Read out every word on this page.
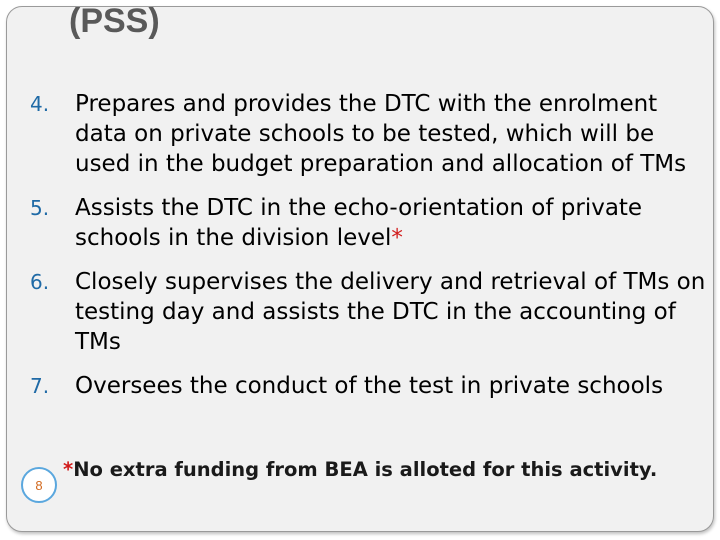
(PSS)
4. Prepares and provides the DTC with the enrolment data on private schools to be tested, which will be used in the budget preparation and allocation of TMs
5. Assists the DTC in the echo-orientation of private schools in the division level*
6. Closely supervises the delivery and retrieval of TMs on testing day and assists the DTC in the accounting of TMs
7. Oversees the conduct of the test in private schools

*No extra funding from BEA is alloted for this activity.

8
